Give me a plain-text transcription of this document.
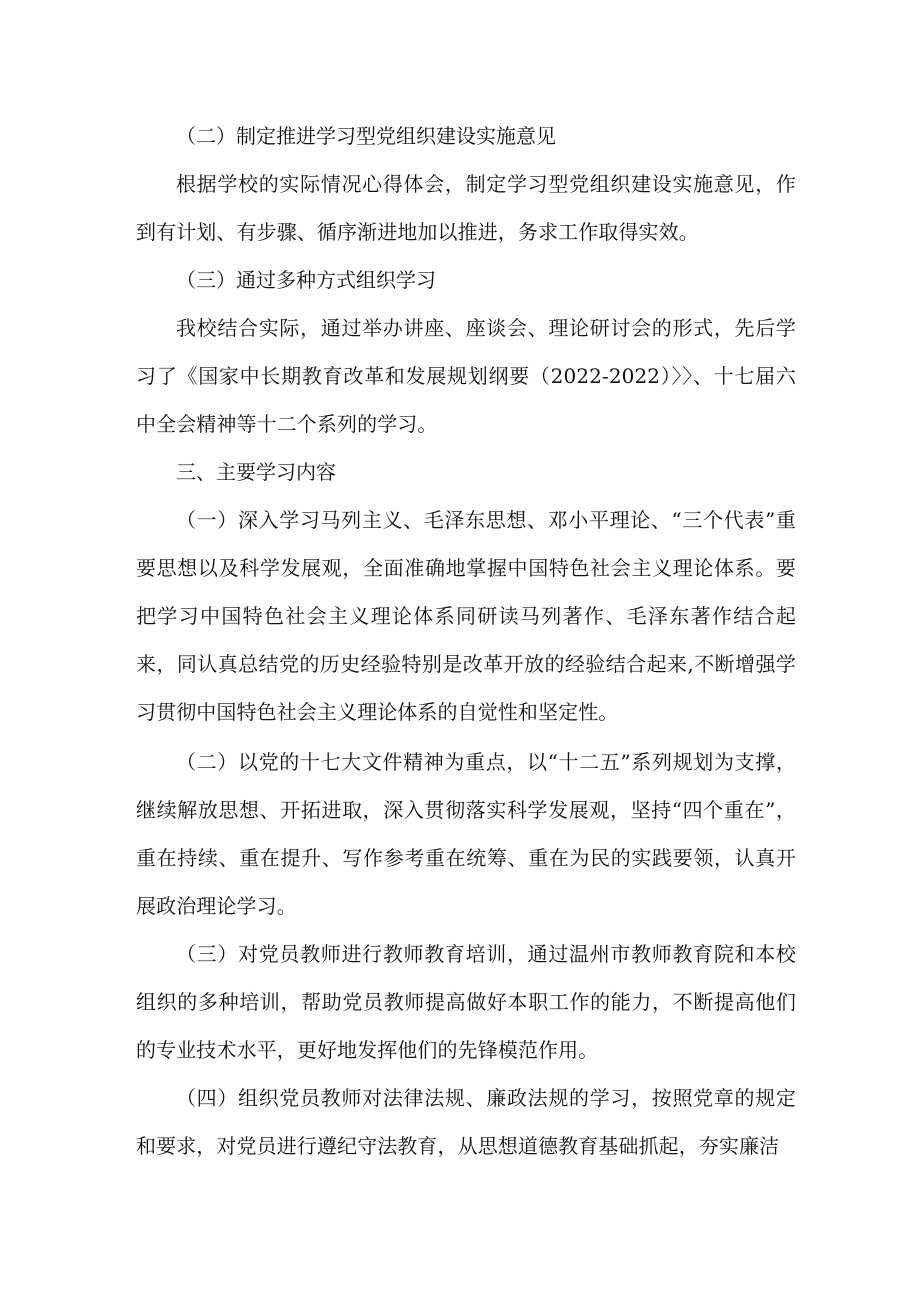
（二）制定推进学习型党组织建设实施意见

根据学校的实际情况心得体会，制定学习型党组织建设实施意见，作到有计划、有步骤、循序渐进地加以推进，务求工作取得实效。

（三）通过多种方式组织学习

我校结合实际，通过举办讲座、座谈会、理论研讨会的形式，先后学习了《国家中长期教育改革和发展规划纲要（2022-2022）〉〉、十七届六中全会精神等十二个系列的学习。

三、主要学习内容

（一）深入学习马列主义、毛泽东思想、邓小平理论、“三个代表”重要思想以及科学发展观，全面准确地掌握中国特色社会主义理论体系。要把学习中国特色社会主义理论体系同研读马列著作、毛泽东著作结合起来，同认真总结党的历史经验特别是改革开放的经验结合起来,不断增强学习贯彻中国特色社会主义理论体系的自觉性和坚定性。

（二）以党的十七大文件精神为重点，以“十二五”系列规划为支撑，继续解放思想、开拓进取，深入贯彻落实科学发展观，坚持“四个重在”，重在持续、重在提升、写作参考重在统筹、重在为民的实践要领，认真开展政治理论学习。

（三）对党员教师进行教师教育培训，通过温州市教师教育院和本校组织的多种培训，帮助党员教师提高做好本职工作的能力，不断提高他们的专业技术水平，更好地发挥他们的先锋模范作用。

（四）组织党员教师对法律法规、廉政法规的学习，按照党章的规定和要求，对党员进行遵纪守法教育，从思想道德教育基础抓起，夯实廉洁
